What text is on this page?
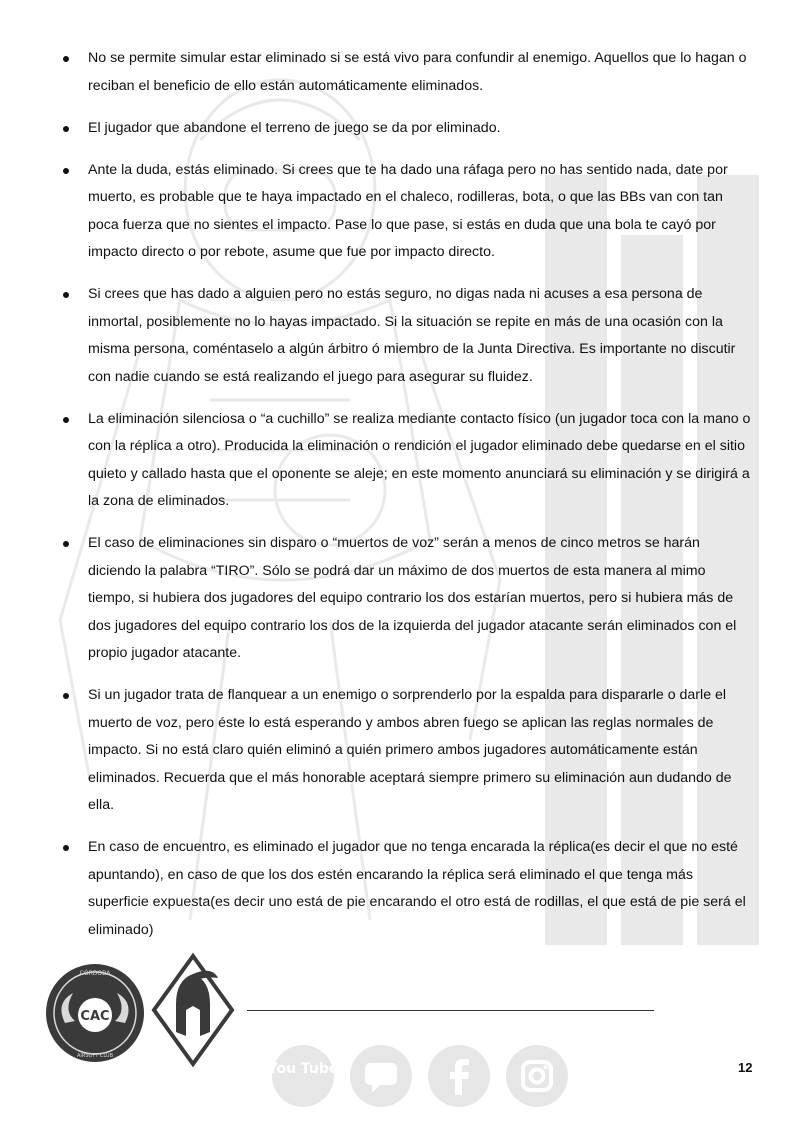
No se permite simular estar eliminado si se está vivo para confundir al enemigo. Aquellos que lo hagan o reciban el beneficio de ello están automáticamente eliminados.
El jugador que abandone el terreno de juego se da por eliminado.
Ante la duda, estás eliminado. Si crees que te ha dado una ráfaga pero no has sentido nada, date por muerto, es probable que te haya impactado en el chaleco, rodilleras, bota, o que las BBs van con tan poca fuerza que no sientes el impacto. Pase lo que pase, si estás en duda que una bola te cayó por impacto directo o por rebote, asume que fue por impacto directo.
Si crees que has dado a alguien pero no estás seguro, no digas nada ni acuses a esa persona de inmortal, posiblemente no lo hayas impactado. Si la situación se repite en más de una ocasión con la misma persona, coméntaselo a algún árbitro ó miembro de la Junta Directiva. Es importante no discutir con nadie cuando se está realizando el juego para asegurar su fluidez.
La eliminación silenciosa o “a cuchillo” se realiza mediante contacto físico (un jugador toca con la mano o con la réplica a otro). Producida la eliminación o rendición el jugador eliminado debe quedarse en el sitio quieto y callado hasta que el oponente se aleje; en este momento anunciará su eliminación y se dirigirá a la zona de eliminados.
El caso de eliminaciones sin disparo o “muertos de voz” serán a menos de cinco metros se harán diciendo la palabra “TIRO”. Sólo se podrá dar un máximo de dos muertos de esta manera al mimo tiempo, si hubiera dos jugadores del equipo contrario los dos estarían muertos, pero si hubiera más de dos jugadores del equipo contrario los dos de la izquierda del jugador atacante serán eliminados con el propio jugador atacante.
Si un jugador trata de flanquear a un enemigo o sorprenderlo por la espalda para dispararle o darle el muerto de voz, pero éste lo está esperando y ambos abren fuego se aplican las reglas normales de impacto. Si no está claro quién eliminó a quién primero ambos jugadores automáticamente están eliminados. Recuerda que el más honorable aceptará siempre primero su eliminación aun dudando de ella.
En caso de encuentro, es eliminado el jugador que no tenga encarada la réplica(es decir el que no esté apuntando), en caso de que los dos estén encarando la réplica será eliminado el que tenga más superficie expuesta(es decir uno está de pie encarando el otro está de rodillas, el que está de pie será el eliminado)
CÓRDOBA
CAC
AIRSOFT CLUB
You Tube	12
